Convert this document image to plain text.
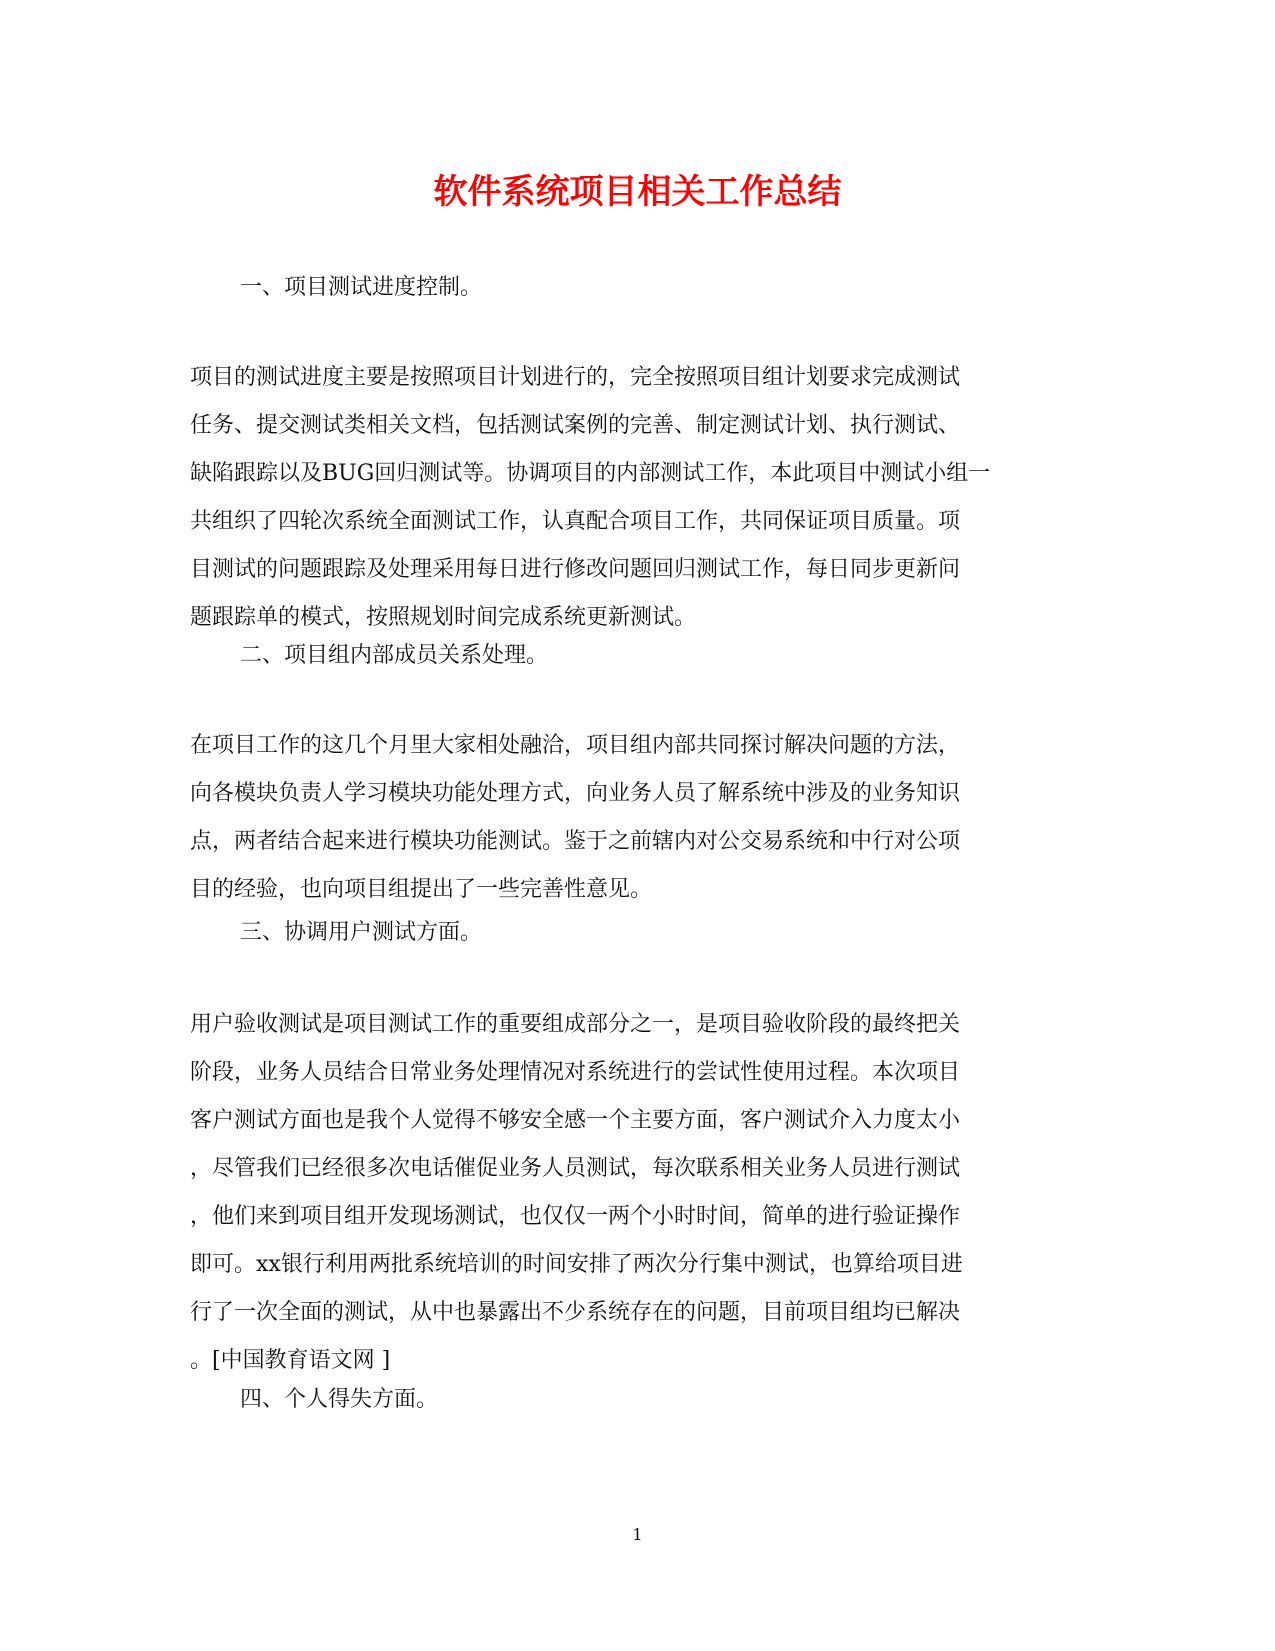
软件系统项目相关工作总结

一、项目测试进度控制。

项目的测试进度主要是按照项目计划进行的，完全按照项目组计划要求完成测试
任务、提交测试类相关文档，包括测试案例的完善、制定测试计划、执行测试、
缺陷跟踪以及BUG回归测试等。协调项目的内部测试工作，本此项目中测试小组一
共组织了四轮次系统全面测试工作，认真配合项目工作，共同保证项目质量。项
目测试的问题跟踪及处理采用每日进行修改问题回归测试工作，每日同步更新问
题跟踪单的模式，按照规划时间完成系统更新测试。

二、项目组内部成员关系处理。

在项目工作的这几个月里大家相处融洽，项目组内部共同探讨解决问题的方法，
向各模块负责人学习模块功能处理方式，向业务人员了解系统中涉及的业务知识
点，两者结合起来进行模块功能测试。鉴于之前辖内对公交易系统和中行对公项
目的经验，也向项目组提出了一些完善性意见。

三、协调用户测试方面。

用户验收测试是项目测试工作的重要组成部分之一，是项目验收阶段的最终把关
阶段，业务人员结合日常业务处理情况对系统进行的尝试性使用过程。本次项目
客户测试方面也是我个人觉得不够安全感一个主要方面，客户测试介入力度太小
，尽管我们已经很多次电话催促业务人员测试，每次联系相关业务人员进行测试
，他们来到项目组开发现场测试，也仅仅一两个小时时间，简单的进行验证操作
即可。xx银行利用两批系统培训的时间安排了两次分行集中测试，也算给项目进
行了一次全面的测试，从中也暴露出不少系统存在的问题，目前项目组均已解决
。[中国教育语文网 ]

四、个人得失方面。

1
